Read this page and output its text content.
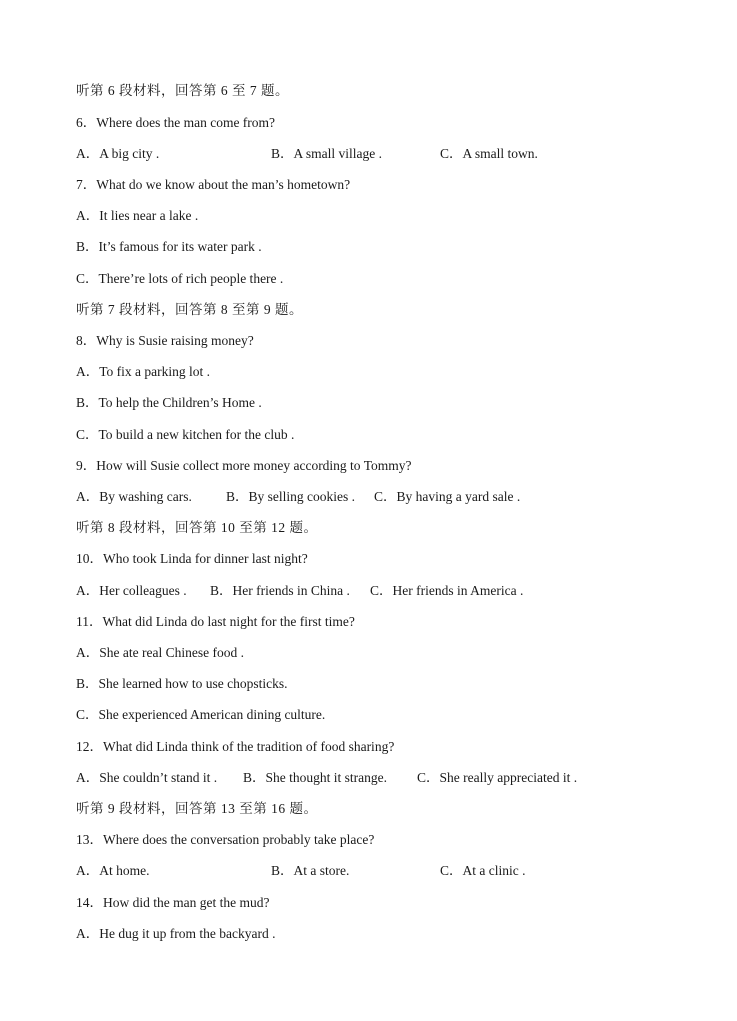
听第 6 段材料，回答第 6 至 7 题。
6．Where does the man come from?
A．A big city .	B．A small village .	C．A small town.
7．What do we know about the man’s hometown?
A．It lies near a lake .
B．It’s famous for its water park .
C．There’re lots of rich people there .
听第 7 段材料，回答第 8 至第 9 题。
8．Why is Susie raising money?
A．To fix a parking lot .
B．To help the Children’s Home .
C．To build a new kitchen for the club .
9．How will Susie collect more money according to Tommy?
A．By washing cars.	B．By selling cookies . C．By having a yard sale .
听第 8 段材料，回答第 10 至第 12 题。
10．Who took Linda for dinner last night?
A．Her colleagues . B．Her friends in China . C．Her friends in America .
11．What did Linda do last night for the first time?
A．She ate real Chinese food .
B．She learned how to use chopsticks.
C．She experienced American dining culture.
12．What did Linda think of the tradition of food sharing?
A．She couldn’t stand it . B．She thought it strange. C．She really appreciated it .
听第 9 段材料，回答第 13 至第 16 题。
13．Where does the conversation probably take place?
A．At home.	B．At a store.	C．At a clinic .
14．How did the man get the mud?
A．He dug it up from the backyard .
